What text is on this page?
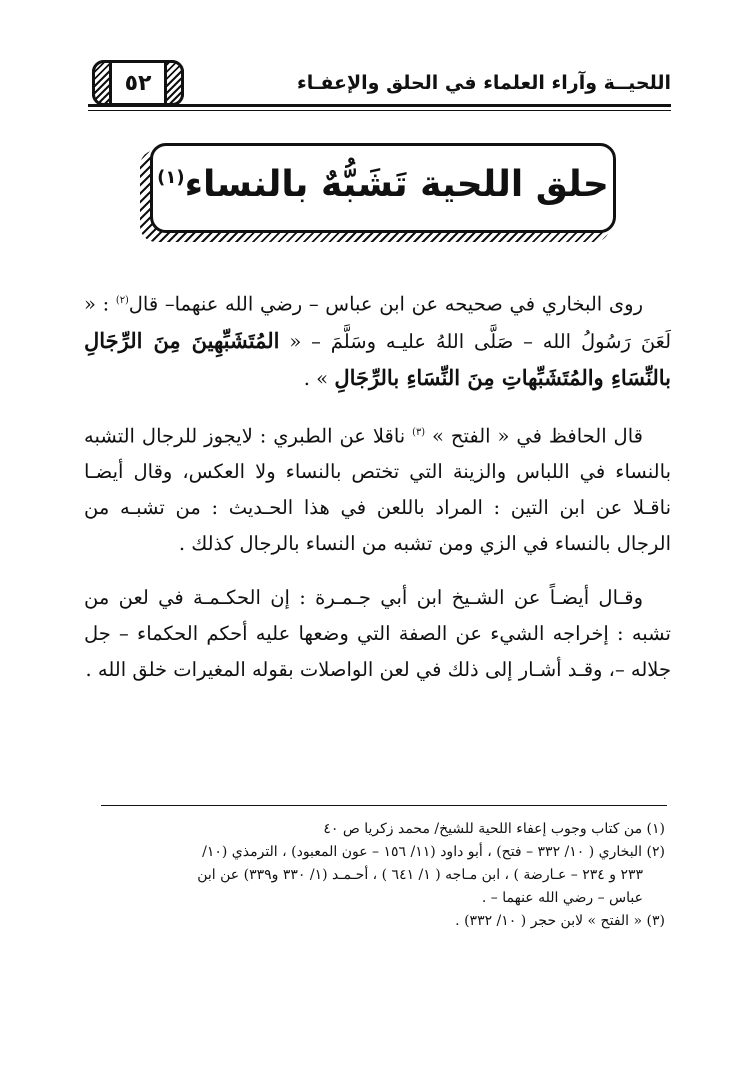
اللحيــة وآراء العلماء في الحلق والإعفـاء
٥٢
حلق اللحية تَشَبُّهٌ بالنساء$^{(١)}$

روى البخاري في صحيحه عن ابن عباس – رضي الله عنهما– قال$^{(٢)}$ : « لَعَنَ رَسُولُ الله – صَلَّى اللهُ عليـه وسَلَّمَ – « المُتَشَبِّهِينَ مِنَ الرِّجَالِ بالنِّسَاءِ والمُتَشَبِّهاتِ مِنَ النِّسَاءِ بالرِّجَالِ » .

قال الحافظ في « الفتح » $^{(٣)}$ ناقلا عن الطبري : لايجوز للرجال التشبه بالنساء في اللباس والزينة التي تختص بالنساء ولا العكس، وقال أيضـا ناقـلا عن ابن التين : المراد باللعن في هذا الحـديث : من تشبـه من الرجال بالنساء في الزي ومن تشبه من النساء بالرجال كذلك .

وقـال أيضـاً عن الشـيخ ابن أبي جـمـرة : إن الحكـمـة في لعن من تشبه : إخراجه الشيء عن الصفة التي وضعها عليه أحكم الحكماء – جل جلاله –، وقـد أشـار إلى ذلك في لعن الواصلات بقوله المغيرات خلق الله .

(١) من كتاب وجوب إعفاء اللحية للشيخ/ محمد زكريا ص ٤٠
(٢) البخاري ( ١٠/ ٣٣٢ – فتح) ، أبو داود (١١/ ١٥٦ – عون المعبود) ، الترمذي (١٠/
٢٣٣ و ٢٣٤ – عـارضة ) ، ابن مـاجه ( ١/ ٦٤١ ) ، أحـمـد (١/ ٣٣٠ و٣٣٩) عن ابن
عباس – رضي الله عنهما – .
(٣) « الفتح » لابن حجر ( ١٠/ ٣٣٢) .
